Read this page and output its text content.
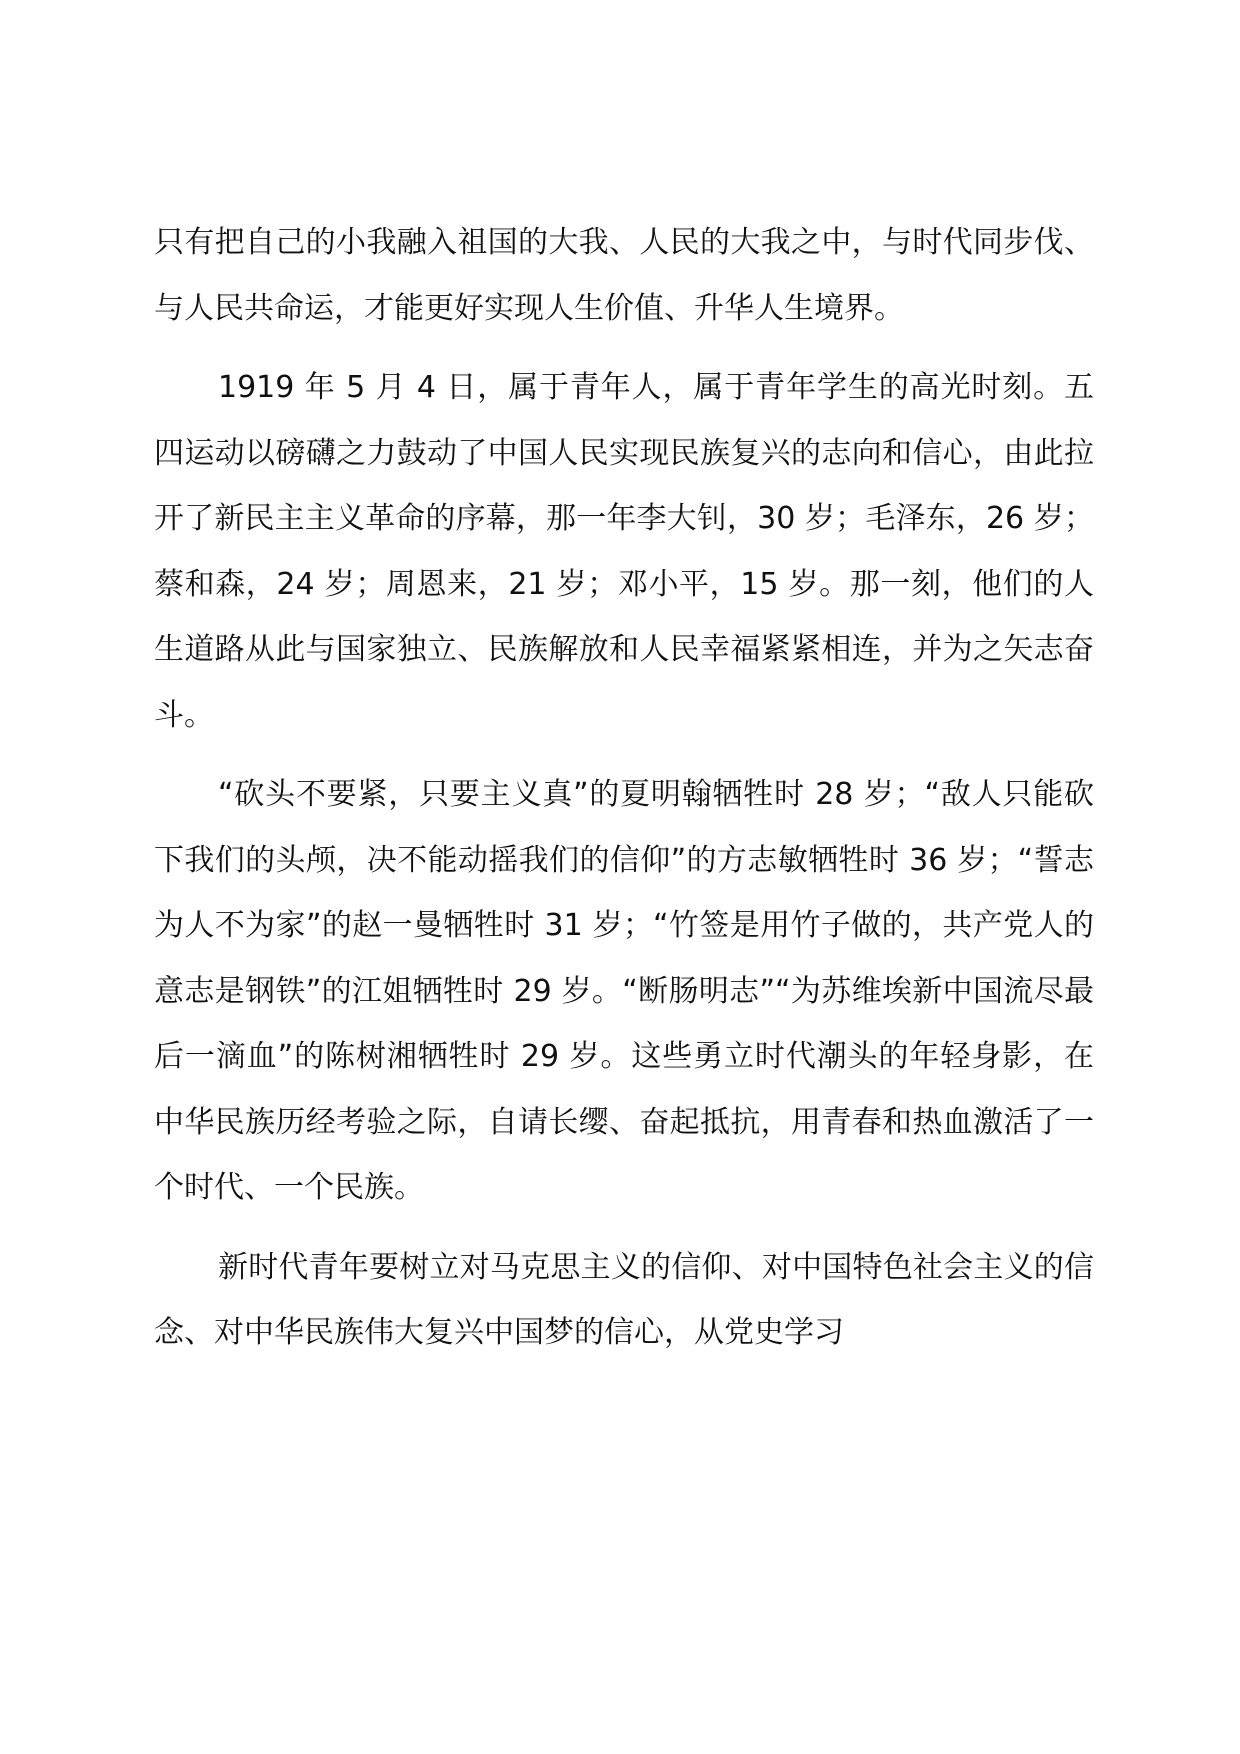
只有把自己的小我融入祖国的大我、人民的大我之中，与时代同步伐、与人民共命运，才能更好实现人生价值、升华人生境界。

1919 年 5 月 4 日，属于青年人，属于青年学生的高光时刻。五四运动以磅礴之力鼓动了中国人民实现民族复兴的志向和信心，由此拉开了新民主主义革命的序幕，那一年李大钊，30 岁；毛泽东，26 岁；蔡和森，24 岁；周恩来，21 岁；邓小平，15 岁。那一刻，他们的人生道路从此与国家独立、民族解放和人民幸福紧紧相连，并为之矢志奋斗。

“砍头不要紧，只要主义真”的夏明翰牺牲时 28 岁；“敌人只能砍下我们的头颅，决不能动摇我们的信仰”的方志敏牺牲时 36 岁；“誓志为人不为家”的赵一曼牺牲时 31 岁；“竹签是用竹子做的，共产党人的意志是钢铁”的江姐牺牲时 29 岁。“断肠明志”“为苏维埃新中国流尽最后一滴血”的陈树湘牺牲时 29 岁。这些勇立时代潮头的年轻身影，在中华民族历经考验之际，自请长缨、奋起抵抗，用青春和热血激活了一个时代、一个民族。

新时代青年要树立对马克思主义的信仰、对中国特色社会主义的信念、对中华民族伟大复兴中国梦的信心，从党史学习
